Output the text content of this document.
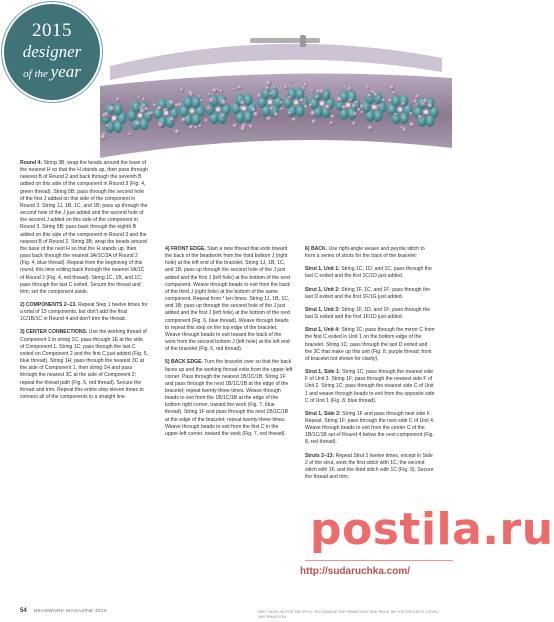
2015
designer
of the year

Round 4: String 3B; wrap the beads around the base of the nearest H so that the H stands up, then pass through nearest B of Round 2 and back through the seventh B added on this side of the component in Round 3 (Fig. 4, green thread). String 5B; pass through the second hole of the first J added on this side of the component in Round 3. String 1J, 1B, 1C, and 1B; pass up through the second hole of the J just added and the second hole of the second J added on this side of the component in Round 3. String 5B; pass back through the eighth B added on this side of the component in Round 3 and the nearest B of Round 2. String 3B; wrap the beads around the base of the next H so that the H stands up, then pass back through the nearest 3A/1C/3A of Round 2 (Fig. 4, blue thread). Repeat from the beginning of this round, this time exiting back through the nearest 3A/1C of Round 2 (Fig. 4, red thread). String 1C, 1B, and 1C; pass through the last C exited. Secure the thread and trim; set the component aside.

2) COMPONENTS 2–13. Repeat Step 1 twelve times for a total of 13 components, but don't add the final 1C/1B/1C in Round 4 and don't trim the thread.

3) CENTER CONNECTIONS. Use the working thread of Component 2 to string 1C; pass through 1E at the side of Component 1. String 1C; pass through the last C exited on Component 2 and the first C just added (Fig. 5, blue thread). String 1H; pass through the nearest 3C at the side of Component 1, then string 1H and pass through the nearest 3C at the side of Component 2; repeat the thread path (Fig. 5, red thread). Secure the thread and trim. Repeat this entire step eleven times to connect all of the components in a straight line.

4) FRONT EDGE. Start a new thread that exits toward the back of the beadwork from the third bottom J (right hole) at the left end of the bracelet. String 1J, 1B, 1C, and 1B; pass up through the second hole of the J just added and the first J (left hole) at the bottom of the next component. Weave through beads to exit from the back of the third J (right hole) at the bottom of the same component. Repeat from * ten times. String 1J, 1B, 1C, and 1B; pass up through the second hole of the J just added and the first J (left hole) at the bottom of the next component (Fig. 6, blue thread). Weave through beads to repeat this step on the top edge of the bracelet. Weave through beads to exit toward the back of the work from the second bottom J (left hole) at the left end of the bracelet (Fig. 6, red thread).

5) BACK EDGE. Turn the bracelet over so that the back faces up and the working thread exits from the upper-left corner. Pass through the nearest 1B/1C/1B. String 1F and pass through the next 1B/1C/1B at the edge of the bracelet; repeat twenty-three times. Weave through beads to exit from the 1B/1C/1B at the edge of the bottom right corner, toward the work (Fig. 7, blue thread). String 1F and pass through the next 1B/1C/1B at the edge of the bracelet; repeat twenty-three times. Weave through beads to exit from the first C in the upper-left corner, toward the work (Fig. 7, red thread).

6) BACK. Use right-angle weave and peyote stitch to form a series of struts for the back of the bracelet:

Strut 1, Unit 1: String 1C, 1D, and 1C; pass through the last C exited and the first 1C/1D just added.

Strut 1, Unit 2: String 1F, 1C, and 1F; pass through the last D exited and the first 1F/1G just added.

Strut 1, Unit 3: String 1F, 1D, and 1F; pass through the last G exited and the first 1F/1D just added.

Strut 1, Unit 4: String 1C; pass through the mirror C from the first C exited in Unit 1 on the bottom edge of the bracelet. String 1C; pass through the last D exited and the 3C that make up this unit (Fig. 8, purple thread; front of bracelet not shown for clarity).

Strut 1, Side 1: String 1C; pass through the nearest side F of Unit 3. String 1F; pass through the nearest side F of Unit 2. String 1C; pass through the nearest side C of Unit 1 and weave through beads to exit from the opposite side C of Unit 1 (Fig. 8, blue thread).

Strut 1, Side 2: String 1F and pass through next side F. Repeat. String 1F; pass through the next side C of Unit 4. Weave through beads to exit from the center C of the 1B/1C/1B set of Round 4 below the next component (Fig. 8, red thread).

Struts 2–13: Repeat Strut 1 twelve times, except in Side 2 of the strut, work the first stitch with 1C, the second stitch with 1F, and the third stitch with 1C (Fig. 9). Secure the thread and trim.

postila.ru
http://sudaruchka.com/
54 BEADWORK MAGAZINE 2015	SEE PAGE 96 FOR HELPFUL TECHNIQUE INFORMATION; SEE PAGE 98 FOR PROJECT-LEVEL INFORMATION
